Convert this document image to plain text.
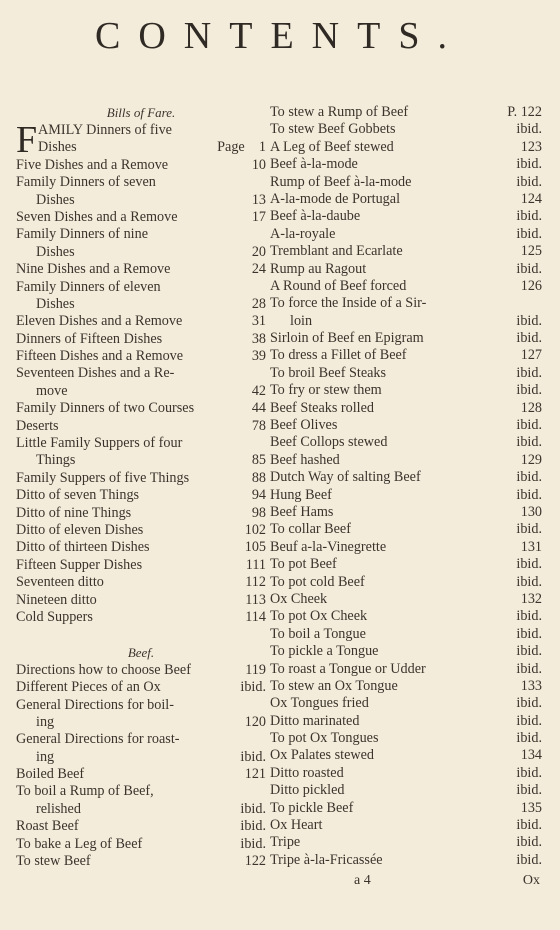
CONTENTS.
Bills of Fare.
F AMILY Dinners of five
Dishes	Page 1
Five Dishes and a Remove	10
Family Dinners of seven
Dishes	13
Seven Dishes and a Remove	17
Family Dinners of nine
Dishes	20
Nine Dishes and a Remove	24
Family Dinners of eleven
Dishes	28
Eleven Dishes and a Remove	31
Dinners of Fifteen Dishes	38
Fifteen Dishes and a Remove	39
Seventeen Dishes and a Re-
move	42
Family Dinners of two Courses	44
Deserts	78
Little Family Suppers of four
Things	85
Family Suppers of five Things	88
Ditto of seven Things	94
Ditto of nine Things	98
Ditto of eleven Dishes	102
Ditto of thirteen Dishes	105
Fifteen Supper Dishes	111
Seventeen ditto	112
Nineteen ditto	113
Cold Suppers	114
Beef.
Directions how to choose Beef	119
Different Pieces of an Ox	ibid.
General Directions for boil-
ing	120
General Directions for roast-
ing	ibid.
Boiled Beef	121
To boil a Rump of Beef,
relished	ibid.
Roast Beef	ibid.
To bake a Leg of Beef	ibid.
To stew Beef	122
To stew a Rump of Beef	P. 122
To stew Beef Gobbets	ibid.
A Leg of Beef stewed	123
Beef à-la-mode	ibid.
Rump of Beef à-la-mode	ibid.
A-la-mode de Portugal	124
Beef à-la-daube	ibid.
A-la-royale	ibid.
Tremblant and Ecarlate	125
Rump au Ragout	ibid.
A Round of Beef forced	126
To force the Inside of a Sir-
loin	ibid.
Sirloin of Beef en Epigram	ibid.
To dress a Fillet of Beef	127
To broil Beef Steaks	ibid.
To fry or stew them	ibid.
Beef Steaks rolled	128
Beef Olives	ibid.
Beef Collops stewed	ibid.
Beef hashed	129
Dutch Way of salting Beef	ibid.
Hung Beef	ibid.
Beef Hams	130
To collar Beef	ibid.
Beuf a-la-Vinegrette	131
To pot Beef	ibid.
To pot cold Beef	ibid.
Ox Cheek	132
To pot Ox Cheek	ibid.
To boil a Tongue	ibid.
To pickle a Tongue	ibid.
To roast a Tongue or Udder	ibid.
To stew an Ox Tongue	133
Ox Tongues fried	ibid.
Ditto marinated	ibid.
To pot Ox Tongues	ibid.
Ox Palates stewed	134
Ditto roasted	ibid.
Ditto pickled	ibid.
To pickle Beef	135
Ox Heart	ibid.
Tripe	ibid.
Tripe à-la-Fricassée	ibid.
a 4	Ox
